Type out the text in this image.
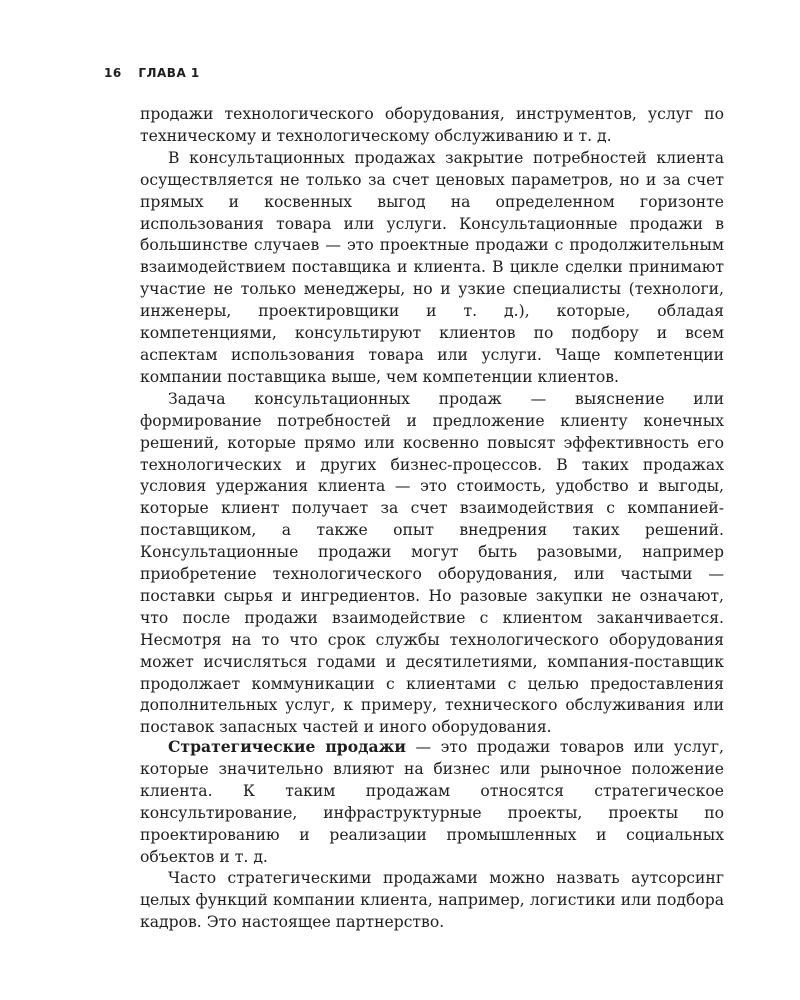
16 ГЛАВА 1

продажи технологического оборудования, инструментов, услуг по техническому и технологическому обслуживанию и т. д.

В консультационных продажах закрытие потребностей клиента осуществляется не только за счет ценовых параметров, но и за счет прямых и косвенных выгод на определенном горизонте использования товара или услуги. Консультационные продажи в большинстве случаев — это проектные продажи с продолжительным взаимодействием поставщика и клиента. В цикле сделки принимают участие не только менеджеры, но и узкие специалисты (технологи, инженеры, проектировщики и т. д.), которые, обладая компетенциями, консультируют клиентов по подбору и всем аспектам использования товара или услуги. Чаще компетенции компании поставщика выше, чем компетенции клиентов.

Задача консультационных продаж — выяснение или формирование потребностей и предложение клиенту конечных решений, которые прямо или косвенно повысят эффективность его технологических и других бизнес-процессов. В таких продажах условия удержания клиента — это стоимость, удобство и выгоды, которые клиент получает за счет взаимодействия с компанией-поставщиком, а также опыт внедрения таких решений. Консультационные продажи могут быть разовыми, например приобретение технологического оборудования, или частыми — поставки сырья и ингредиентов. Но разовые закупки не означают, что после продажи взаимодействие с клиентом заканчивается. Несмотря на то что срок службы технологического оборудования может исчисляться годами и десятилетиями, компания-поставщик продолжает коммуникации с клиентами с целью предоставления дополнительных услуг, к примеру, технического обслуживания или поставок запасных частей и иного оборудования.

Стратегические продажи — это продажи товаров или услуг, которые значительно влияют на бизнес или рыночное положение клиента. К таким продажам относятся стратегическое консультирование, инфраструктурные проекты, проекты по проектированию и реализации промышленных и социальных объектов и т. д.

Часто стратегическими продажами можно назвать аутсорсинг целых функций компании клиента, например, логистики или подбора кадров. Это настоящее партнерство.
